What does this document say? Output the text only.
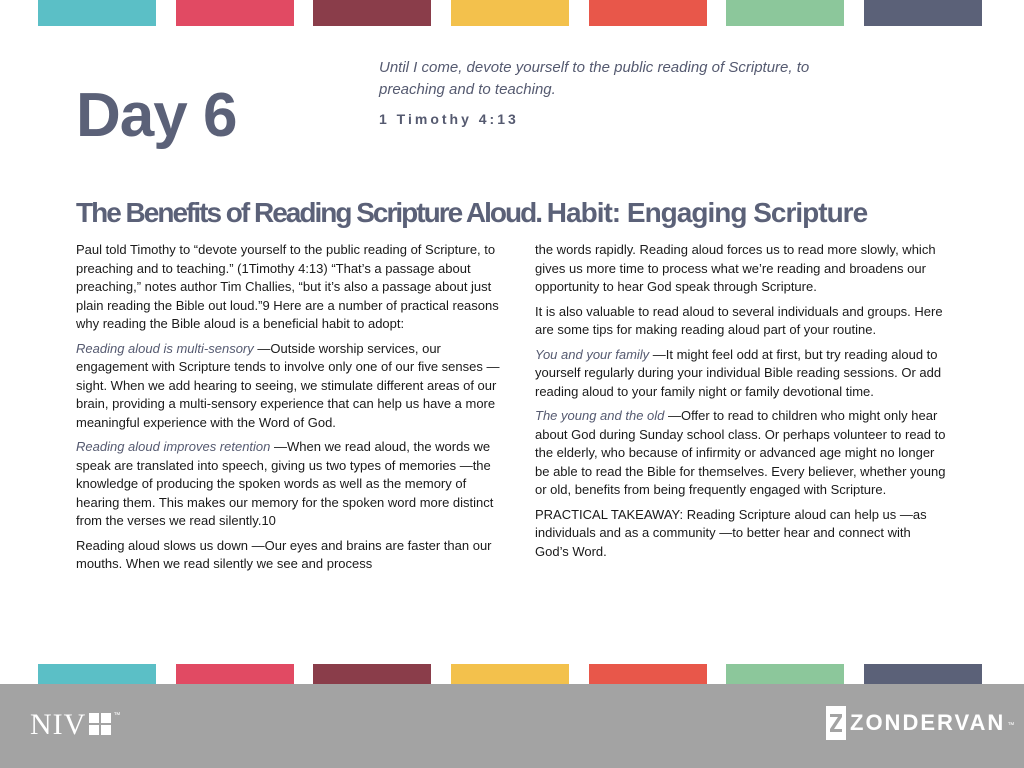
Day 6

Until I come, devote yourself to the public reading of Scripture, to preaching and to teaching.

1 Timothy 4:13

The Benefits of Reading Scripture Aloud. Habit: Engaging Scripture

Paul told Timothy to “devote yourself to the public reading of Scripture, to preaching and to teaching.” (1Timothy 4:13) “That’s a passage about preaching,” notes author Tim Challies, “but it’s also a passage about just plain reading the Bible out loud.”9 Here are a number of practical reasons why reading the Bible aloud is a beneficial habit to adopt:

Reading aloud is multi-sensory —Outside worship services, our engagement with Scripture tends to involve only one of our five senses —sight. When we add hearing to seeing, we stimulate different areas of our brain, providing a multi-sensory experience that can help us have a more meaningful experience with the Word of God.

Reading aloud improves retention —When we read aloud, the words we speak are translated into speech, giving us two types of memories —the knowledge of producing the spoken words as well as the memory of hearing them. This makes our memory for the spoken word more distinct from the verses we read silently.10

Reading aloud slows us down —Our eyes and brains are faster than our mouths. When we read silently we see and process

the words rapidly. Reading aloud forces us to read more slowly, which gives us more time to process what we’re reading and broadens our opportunity to hear God speak through Scripture.

It is also valuable to read aloud to several individuals and groups. Here are some tips for making reading aloud part of your routine.

You and your family —It might feel odd at first, but try reading aloud to yourself regularly during your individual Bible reading sessions. Or add reading aloud to your family night or family devotional time.

The young and the old —Offer to read to children who might only hear about God during Sunday school class. Or perhaps volunteer to read to the elderly, who because of infirmity or advanced age might no longer be able to read the Bible for themselves. Every believer, whether young or old, benefits from being frequently engaged with Scripture.

PRACTICAL TAKEAWAY: Reading Scripture aloud can help us —as individuals and as a community —to better hear and connect with God’s Word.

NIV	™	ZONDERVAN ™
